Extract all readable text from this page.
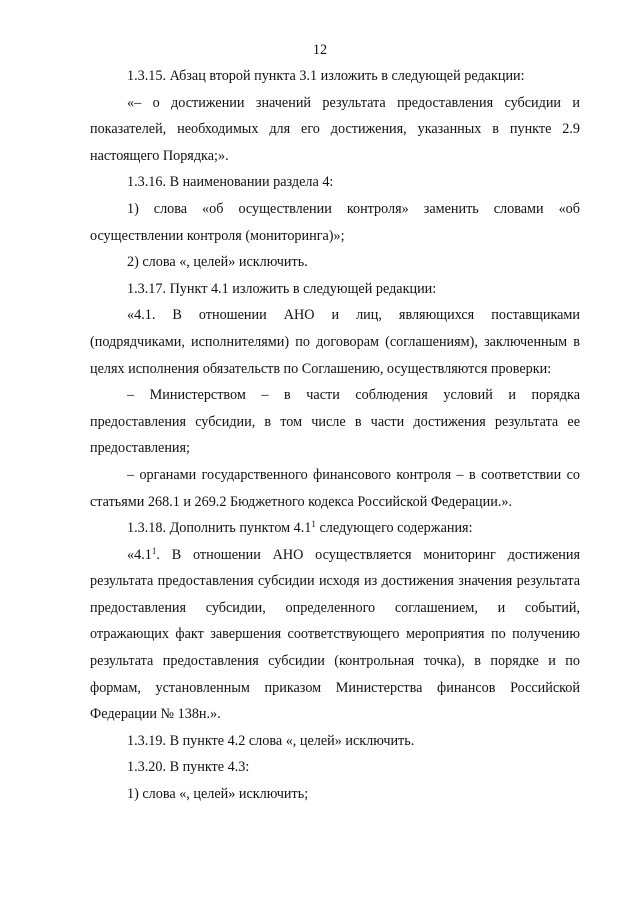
12

1.3.15. Абзац второй пункта 3.1 изложить в следующей редакции:

«– о достижении значений результата предоставления субсидии и показателей, необходимых для его достижения, указанных в пункте 2.9 настоящего Порядка;».

1.3.16. В наименовании раздела 4:

1) слова «об осуществлении контроля» заменить словами «об осуществлении контроля (мониторинга)»;

2) слова «, целей» исключить.

1.3.17. Пункт 4.1 изложить в следующей редакции:

«4.1. В отношении АНО и лиц, являющихся поставщиками (подрядчиками, исполнителями) по договорам (соглашениям), заключенным в целях исполнения обязательств по Соглашению, осуществляются проверки:

– Министерством – в части соблюдения условий и порядка предоставления субсидии, в том числе в части достижения результата ее предоставления;

– органами государственного финансового контроля – в соответствии со статьями 268.1 и 269.2 Бюджетного кодекса Российской Федерации.».

1.3.18. Дополнить пунктом $4.1^1$ следующего содержания:

«$4.1^1$. В отношении АНО осуществляется мониторинг достижения результата предоставления субсидии исходя из достижения значения результата предоставления субсидии, определенного соглашением, и событий, отражающих факт завершения соответствующего мероприятия по получению результата предоставления субсидии (контрольная точка), в порядке и по формам, установленным приказом Министерства финансов Российской Федерации № 138н.».

1.3.19. В пункте 4.2 слова «, целей» исключить.

1.3.20. В пункте 4.3:

1) слова «, целей» исключить;
